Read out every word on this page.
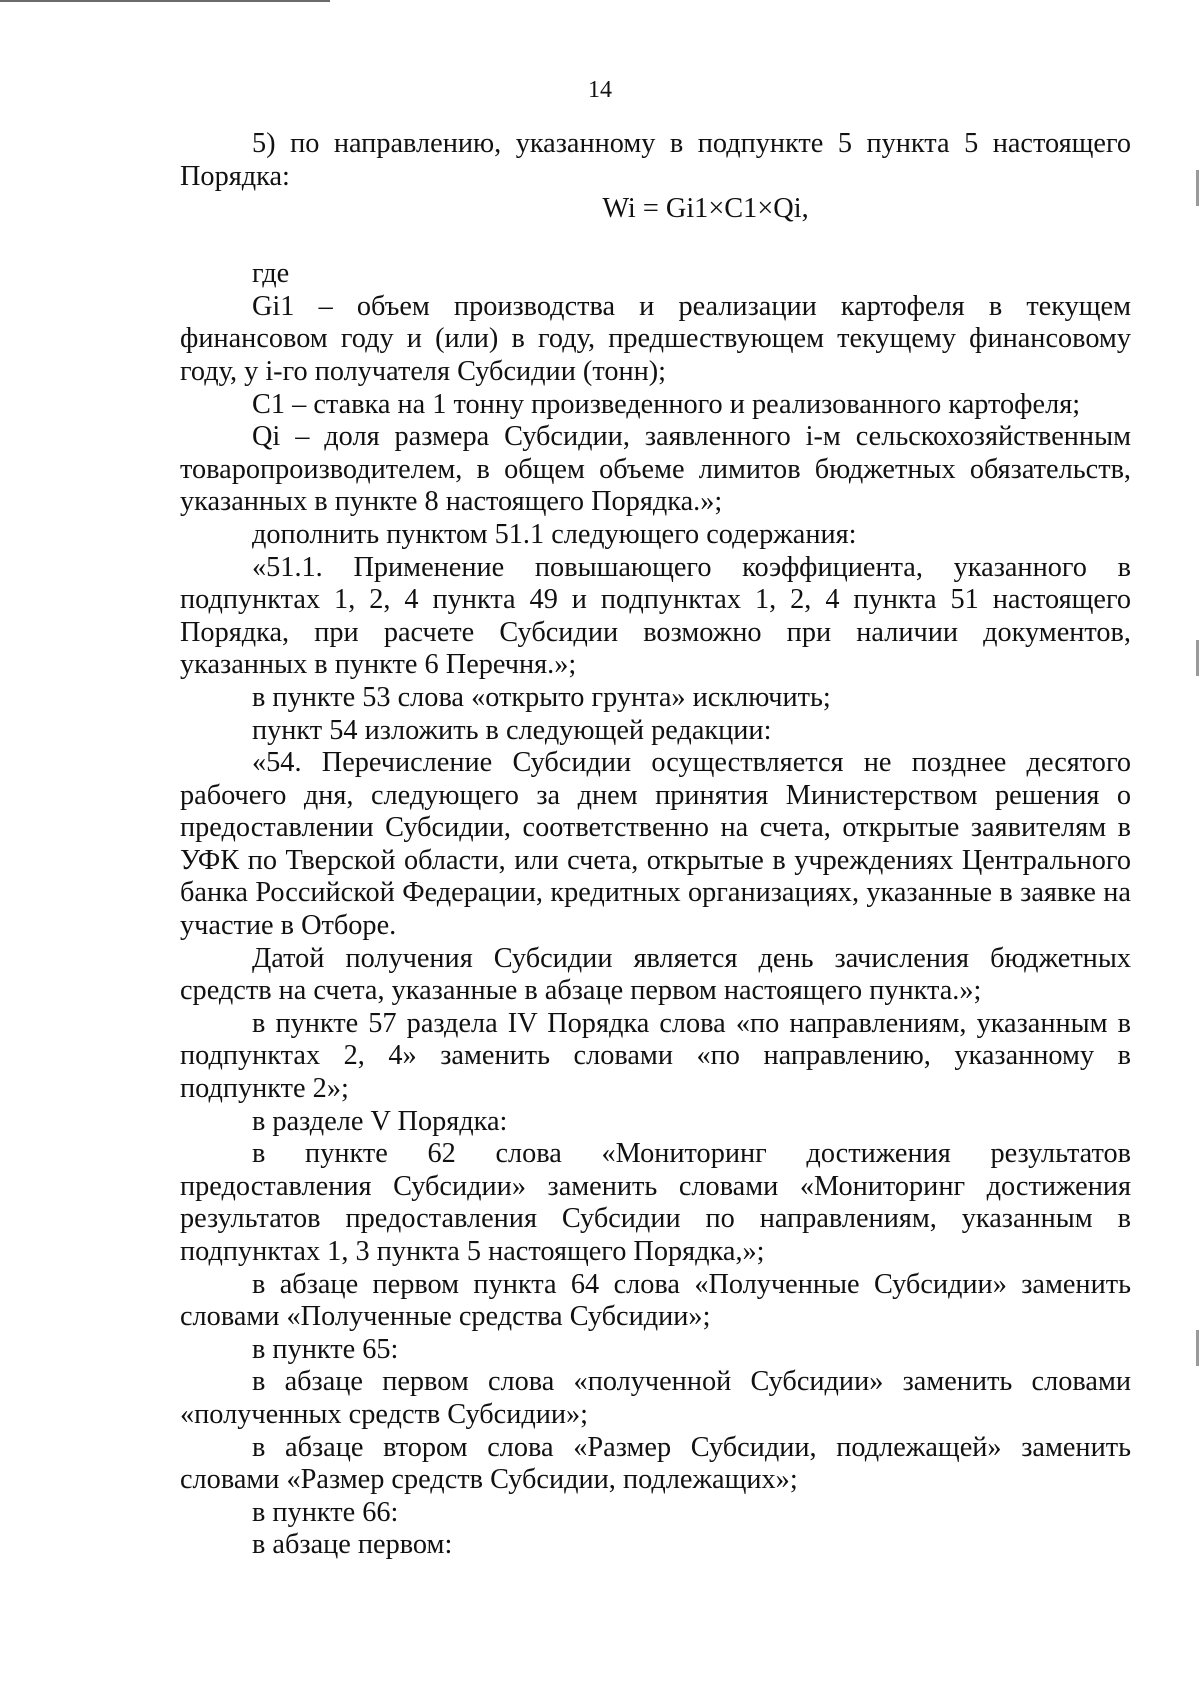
14

5) по направлению, указанному в подпункте 5 пункта 5 настоящего Порядка:

Wi = Gi1×C1×Qi,

где

Gi1 – объем производства и реализации картофеля в текущем финансовом году и (или) в году, предшествующем текущему финансовому году, у i-го получателя Субсидии (тонн);

C1 – ставка на 1 тонну произведенного и реализованного картофеля;

Qi – доля размера Субсидии, заявленного i-м сельскохозяйственным товаропроизводителем, в общем объеме лимитов бюджетных обязательств, указанных в пункте 8 настоящего Порядка.»;

дополнить пунктом 51.1 следующего содержания:

«51.1. Применение повышающего коэффициента, указанного в подпунктах 1, 2, 4 пункта 49 и подпунктах 1, 2, 4 пункта 51 настоящего Порядка, при расчете Субсидии возможно при наличии документов, указанных в пункте 6 Перечня.»;

в пункте 53 слова «открыто грунта» исключить;

пункт 54 изложить в следующей редакции:

«54. Перечисление Субсидии осуществляется не позднее десятого рабочего дня, следующего за днем принятия Министерством решения о предоставлении Субсидии, соответственно на счета, открытые заявителям в УФК по Тверской области, или счета, открытые в учреждениях Центрального банка Российской Федерации, кредитных организациях, указанные в заявке на участие в Отборе.

Датой получения Субсидии является день зачисления бюджетных средств на счета, указанные в абзаце первом настоящего пункта.»;

в пункте 57 раздела IV Порядка слова «по направлениям, указанным в подпунктах 2, 4» заменить словами «по направлению, указанному в подпункте 2»;

в разделе V Порядка:

в пункте 62 слова «Мониторинг достижения результатов предоставления Субсидии» заменить словами «Мониторинг достижения результатов предоставления Субсидии по направлениям, указанным в подпунктах 1, 3 пункта 5 настоящего Порядка,»;

в абзаце первом пункта 64 слова «Полученные Субсидии» заменить словами «Полученные средства Субсидии»;

в пункте 65:

в абзаце первом слова «полученной Субсидии» заменить словами «полученных средств Субсидии»;

в абзаце втором слова «Размер Субсидии, подлежащей» заменить словами «Размер средств Субсидии, подлежащих»;

в пункте 66:

в абзаце первом:
